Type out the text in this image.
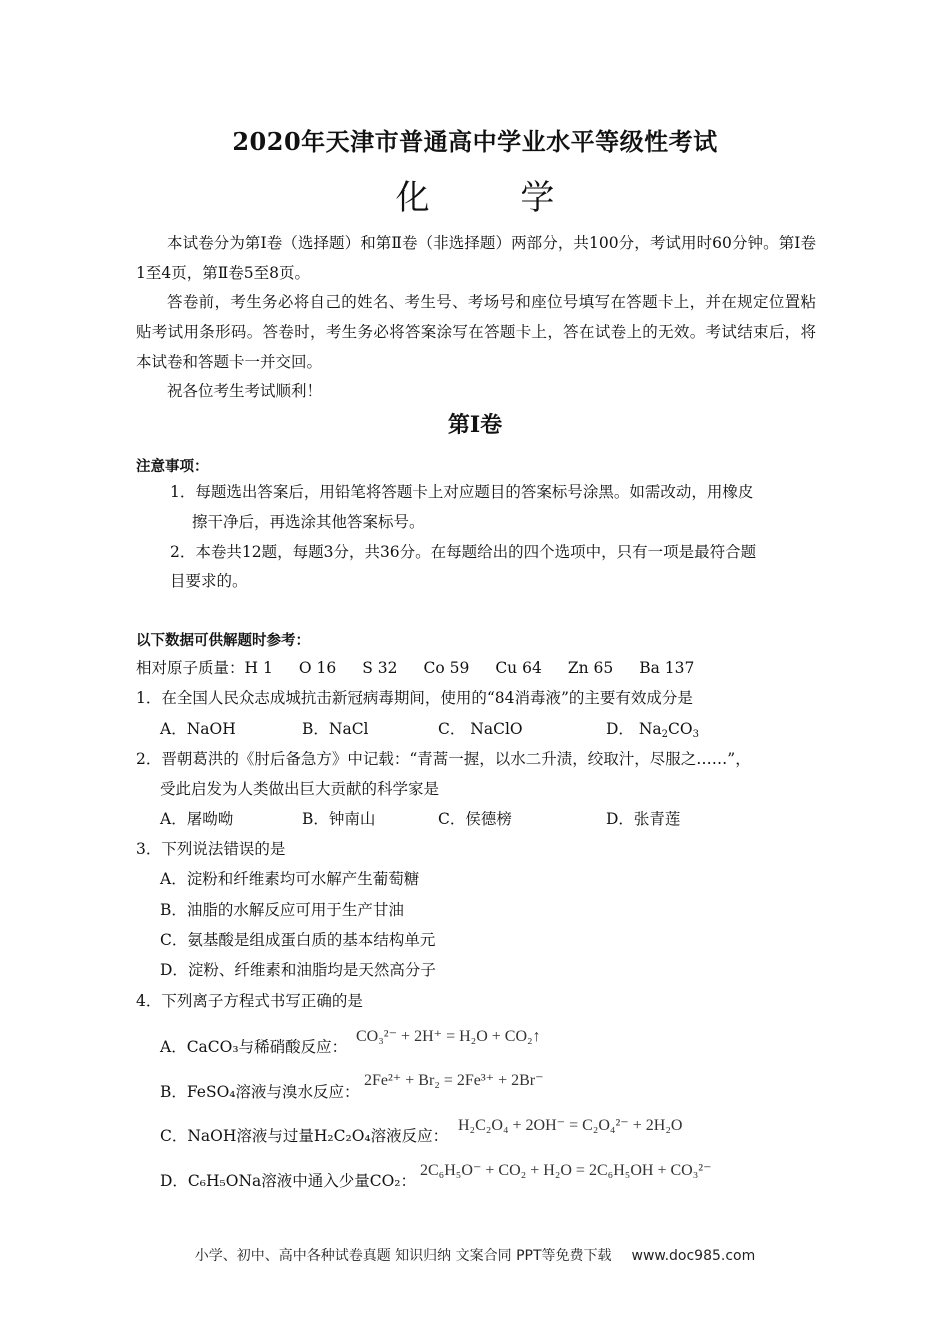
2020年天津市普通高中学业水平等级性考试
化 学
本试卷分为第Ⅰ卷（选择题）和第Ⅱ卷（非选择题）两部分，共100分，考试用时60分钟。第Ⅰ卷1至4页，第Ⅱ卷5至8页。
答卷前，考生务必将自己的姓名、考生号、考场号和座位号填写在答题卡上，并在规定位置粘贴考试用条形码。答卷时，考生务必将答案涂写在答题卡上，答在试卷上的无效。考试结束后，将本试卷和答题卡一并交回。
祝各位考生考试顺利！
第Ⅰ卷
注意事项：
1．每题选出答案后，用铅笔将答题卡上对应题目的答案标号涂黑。如需改动，用橡皮
擦干净后，再选涂其他答案标号。
2．本卷共12题，每题3分，共36分。在每题给出的四个选项中，只有一项是最符合题
目要求的。
以下数据可供解题时参考：
相对原子质量：H 1 O 16 S 32 Co 59 Cu 64 Zn 65 Ba 137
1．在全国人民众志成城抗击新冠病毒期间，使用的“84消毒液”的主要有效成分是
A．NaOH	B．NaCl	C． NaClO	D． $Na_2CO_3$
2．晋朝葛洪的《肘后备急方》中记载：“青蒿一握，以水二升渍，绞取汁，尽服之……”，
受此启发为人类做出巨大贡献的科学家是
A．屠呦呦	B．钟南山	C．侯德榜	D．张青莲
3．下列说法错误的是
A．淀粉和纤维素均可水解产生葡萄糖
B．油脂的水解反应可用于生产甘油
C．氨基酸是组成蛋白质的基本结构单元
D．淀粉、纤维素和油脂均是天然高分子
4．下列离子方程式书写正确的是
A．CaCO₃与稀硝酸反应：
CO₃²⁻ + 2H⁺ = H₂O + CO₂↑
B．FeSO₄溶液与溴水反应：
2Fe²⁺ + Br₂ = 2Fe³⁺ + 2Br⁻
C．NaOH溶液与过量H₂C₂O₄溶液反应：
H₂C₂O₄ + 2OH⁻ = C₂O₄²⁻ + 2H₂O
D．C₆H₅ONa溶液中通入少量CO₂：
2C₆H₅O⁻ + CO₂ + H₂O = 2C₆H₅OH + CO₃²⁻
小学、初中、高中各种试卷真题 知识归纳 文案合同 PPT等免费下载 www.doc985.com
